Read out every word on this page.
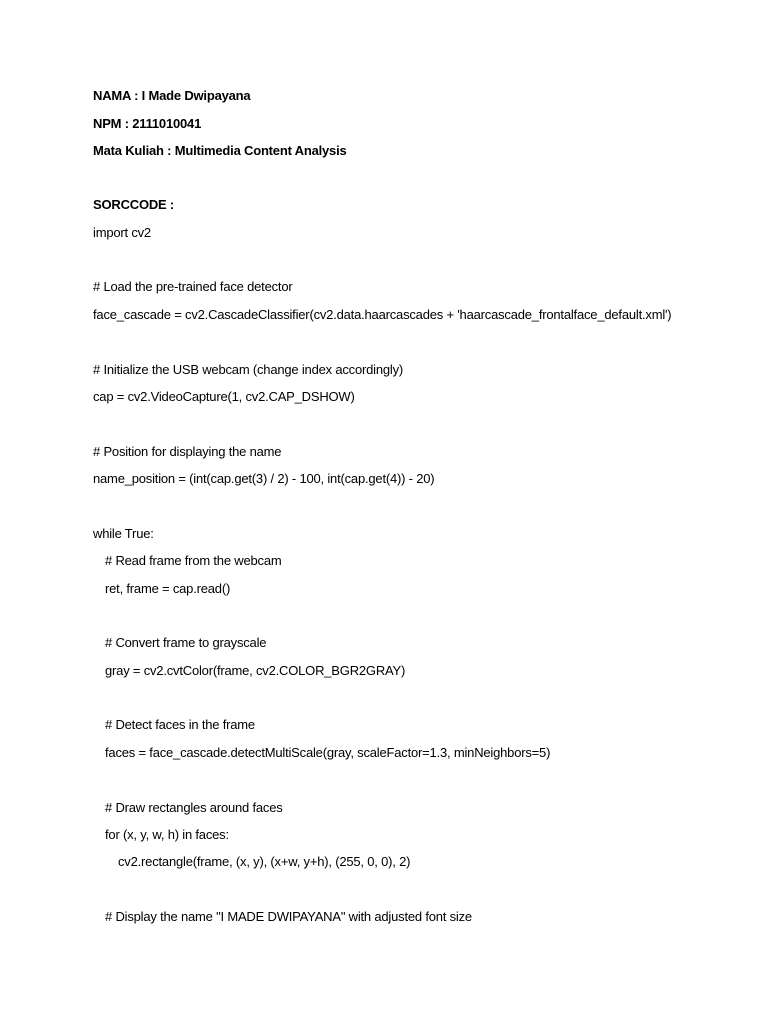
NAMA : I Made Dwipayana
NPM : 2111010041
Mata Kuliah : Multimedia Content Analysis
SORCCODE :
import cv2
# Load the pre-trained face detector
face_cascade = cv2.CascadeClassifier(cv2.data.haarcascades + 'haarcascade_frontalface_default.xml')
# Initialize the USB webcam (change index accordingly)
cap = cv2.VideoCapture(1, cv2.CAP_DSHOW)
# Position for displaying the name
name_position = (int(cap.get(3) / 2) - 100, int(cap.get(4)) - 20)
while True:
# Read frame from the webcam
ret, frame = cap.read()
# Convert frame to grayscale
gray = cv2.cvtColor(frame, cv2.COLOR_BGR2GRAY)
# Detect faces in the frame
faces = face_cascade.detectMultiScale(gray, scaleFactor=1.3, minNeighbors=5)
# Draw rectangles around faces
for (x, y, w, h) in faces:
cv2.rectangle(frame, (x, y), (x+w, y+h), (255, 0, 0), 2)
# Display the name "I MADE DWIPAYANA" with adjusted font size
